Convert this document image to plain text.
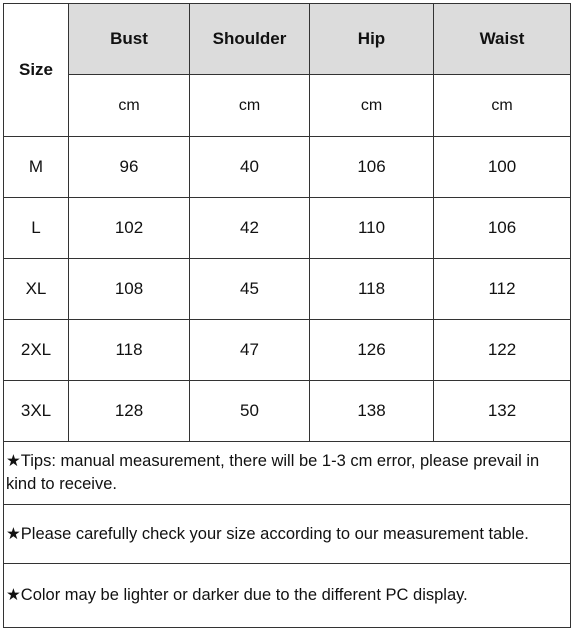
Size	Bust	Shoulder	Hip	Waist
	cm	cm	cm	cm
M	96	40	106	100
L	102	42	110	106
XL	108	45	118	112
2XL	118	47	126	122
3XL	128	50	138	132
★Tips: manual measurement, there will be 1-3 cm error, please prevail in kind to receive.				
★Please carefully check your size according to our measurement table.				
★Color may be lighter or darker due to the different PC display.				
